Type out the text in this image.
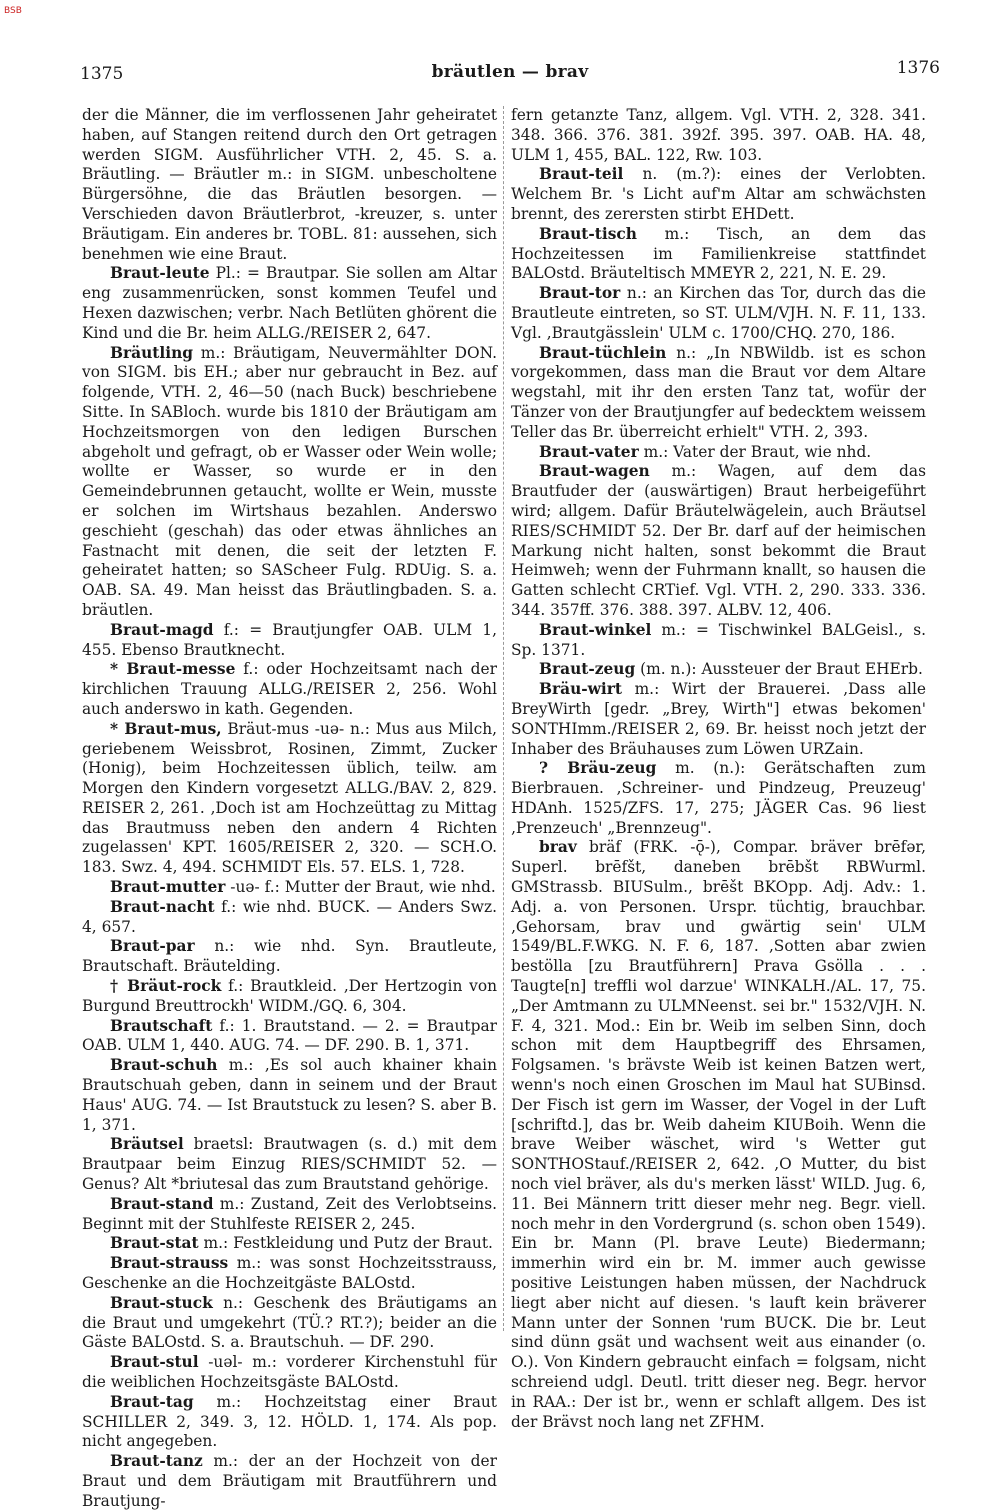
BSB
1375	bräutlen — brav	1376

der die Männer, die im verflossenen Jahr geheiratet haben, auf Stangen reitend durch den Ort getragen werden SIGM. Ausführlicher VTH. 2, 45. S. a. Bräutling. — Bräutler m.: in SIGM. unbescholtene Bürgersöhne, die das Bräutlen besorgen. — Verschieden davon Bräutlerbrot, -kreuzer, s. unter Bräutigam. Ein anderes br. TOBL. 81: aussehen, sich benehmen wie eine Braut.

Braut-leute Pl.: = Brautpar. Sie sollen am Altar eng zusammenrücken, sonst kommen Teufel und Hexen dazwischen; verbr. Nach Betlüten ghörent die Kind und die Br. heim ALLG./REISER 2, 647.

Bräutling m.: Bräutigam, Neuvermählter DON. von SIGM. bis EH.; aber nur gebraucht in Bez. auf folgende, VTH. 2, 46—50 (nach Buck) beschriebene Sitte. In SABloch. wurde bis 1810 der Bräutigam am Hochzeitsmorgen von den ledigen Burschen abgeholt und gefragt, ob er Wasser oder Wein wolle; wollte er Wasser, so wurde er in den Gemeindebrunnen getaucht, wollte er Wein, musste er solchen im Wirtshaus bezahlen. Anderswo geschieht (geschah) das oder etwas ähnliches an Fastnacht mit denen, die seit der letzten F. geheiratet hatten; so SAScheer Fulg. RDUig. S. a. OAB. SA. 49. Man heisst das Bräutlingbaden. S. a. bräutlen.

Braut-magd f.: = Brautjungfer OAB. ULM 1, 455. Ebenso Brautknecht.

* Braut-messe f.: oder Hochzeitsamt nach der kirchlichen Trauung ALLG./REISER 2, 256. Wohl auch anderswo in kath. Gegenden.

* Braut-mus, Bräut-mus -uə- n.: Mus aus Milch, geriebenem Weissbrot, Rosinen, Zimmt, Zucker (Honig), beim Hochzeitessen üblich, teilw. am Morgen den Kindern vorgesetzt ALLG./BAV. 2, 829. REISER 2, 261. ‚Doch ist am Hochzeüttag zu Mittag das Brautmuss neben den andern 4 Richten zugelassen' KPT. 1605/REISER 2, 320. — SCH.O. 183. Swz. 4, 494. SCHMIDT Els. 57. ELS. 1, 728.

Braut-mutter -uə- f.: Mutter der Braut, wie nhd.

Braut-nacht f.: wie nhd. BUCK. — Anders Swz. 4, 657.

Braut-par n.: wie nhd. Syn. Brautleute, Brautschaft. Bräutelding.

† Bräut-rock f.: Brautkleid. ‚Der Hertzogin von Burgund Breuttrockh' WIDM./GQ. 6, 304.

Brautschaft f.: 1. Brautstand. — 2. = Brautpar OAB. ULM 1, 440. AUG. 74. — DF. 290. B. 1, 371.

Braut-schuh m.: ‚Es sol auch khainer khain Brautschuah geben, dann in seinem und der Braut Haus' AUG. 74. — Ist Brautstuck zu lesen? S. aber B. 1, 371.

Bräutsel braetsl: Brautwagen (s. d.) mit dem Brautpaar beim Einzug RIES/SCHMIDT 52. — Genus? Alt *briutesal das zum Brautstand gehörige.

Braut-stand m.: Zustand, Zeit des Verlobtseins. Beginnt mit der Stuhlfeste REISER 2, 245.

Braut-stat m.: Festkleidung und Putz der Braut.

Braut-strauss m.: was sonst Hochzeitsstrauss, Geschenke an die Hochzeitgäste BALOstd.

Braut-stuck n.: Geschenk des Bräutigams an die Braut und umgekehrt (TÜ.? RT.?); beider an die Gäste BALOstd. S. a. Brautschuh. — DF. 290.

Braut-stul -uəl- m.: vorderer Kirchenstuhl für die weiblichen Hochzeitsgäste BALOstd.

Braut-tag m.: Hochzeitstag einer Braut SCHILLER 2, 349. 3, 12. HÖLD. 1, 174. Als pop. nicht angegeben.

Braut-tanz m.: der an der Hochzeit von der Braut und dem Bräutigam mit Brautführern und Brautjung-

fern getanzte Tanz, allgem. Vgl. VTH. 2, 328. 341. 348. 366. 376. 381. 392f. 395. 397. OAB. HA. 48, ULM 1, 455, BAL. 122, Rw. 103.

Braut-teil n. (m.?): eines der Verlobten. Welchem Br. 's Licht auf'm Altar am schwächsten brennt, des zerersten stirbt EHDett.

Braut-tisch m.: Tisch, an dem das Hochzeitessen im Familienkreise stattfindet BALOstd. Bräuteltisch MMEYR 2, 221, N. E. 29.

Braut-tor n.: an Kirchen das Tor, durch das die Brautleute eintreten, so ST. ULM/VJH. N. F. 11, 133. Vgl. ‚Brautgässlein' ULM c. 1700/CHQ. 270, 186.

Braut-tüchlein n.: „In NBWildb. ist es schon vorgekommen, dass man die Braut vor dem Altare wegstahl, mit ihr den ersten Tanz tat, wofür der Tänzer von der Brautjungfer auf bedecktem weissem Teller das Br. überreicht erhielt" VTH. 2, 393.

Braut-vater m.: Vater der Braut, wie nhd.

Braut-wagen m.: Wagen, auf dem das Brautfuder der (auswärtigen) Braut herbeigeführt wird; allgem. Dafür Bräutelwägelein, auch Bräutsel RIES/SCHMIDT 52. Der Br. darf auf der heimischen Markung nicht halten, sonst bekommt die Braut Heimweh; wenn der Fuhrmann knallt, so hausen die Gatten schlecht CRTief. Vgl. VTH. 2, 290. 333. 336. 344. 357ff. 376. 388. 397. ALBV. 12, 406.

Braut-winkel m.: = Tischwinkel BALGeisl., s. Sp. 1371.

Braut-zeug (m. n.): Aussteuer der Braut EHErb.

Bräu-wirt m.: Wirt der Brauerei. ‚Dass alle BreyWirth [gedr. „Brey, Wirth"] etwas bekomen' SONTHImm./REISER 2, 69. Br. heisst noch jetzt der Inhaber des Bräuhauses zum Löwen URZain.

? Bräu-zeug m. (n.): Gerätschaften zum Bierbrauen. ‚Schreiner- und Pindzeug, Preuzeug' HDAnh. 1525/ZFS. 17, 275; JÄGER Cas. 96 liest ‚Prenzeuch' „Brennzeug".

brav bräf (FRK. -ǭ-), Compar. bräver brēfər, Superl. brēfšt, daneben brēbšt RBWurml. GMStrassb. BIUSulm., brēšt BKOpp. Adj. Adv.: 1. Adj. a. von Personen. Urspr. tüchtig, brauchbar. ‚Gehorsam, brav und gwärtig sein' ULM 1549/BL.F.WKG. N. F. 6, 187. ‚Sotten abar zwien bestölla [zu Brautführern] Prava Gsölla . . . Taugte[n] treffli wol darzue' WINKALH./AL. 17, 75. „Der Amtmann zu ULMNeenst. sei br." 1532/VJH. N. F. 4, 321. Mod.: Ein br. Weib im selben Sinn, doch schon mit dem Hauptbegriff des Ehrsamen, Folgsamen. 's brävste Weib ist keinen Batzen wert, wenn's noch einen Groschen im Maul hat SUBinsd. Der Fisch ist gern im Wasser, der Vogel in der Luft [schriftd.], das br. Weib daheim KIUBoih. Wenn die brave Weiber wäschet, wird 's Wetter gut SONTHOStauf./REISER 2, 642. ‚O Mutter, du bist noch viel bräver, als du's merken lässt' WILD. Jug. 6, 11. Bei Männern tritt dieser mehr neg. Begr. viell. noch mehr in den Vordergrund (s. schon oben 1549). Ein br. Mann (Pl. brave Leute) Biedermann; immerhin wird ein br. M. immer auch gewisse positive Leistungen haben müssen, der Nachdruck liegt aber nicht auf diesen. 's lauft kein bräverer Mann unter der Sonnen 'rum BUCK. Die br. Leut sind dünn gsät und wachsent weit aus einander (o. O.). Von Kindern gebraucht einfach = folgsam, nicht schreiend udgl. Deutl. tritt dieser neg. Begr. hervor in RAA.: Der ist br., wenn er schlaft allgem. Des ist der Brävst noch lang net ZFHM.
